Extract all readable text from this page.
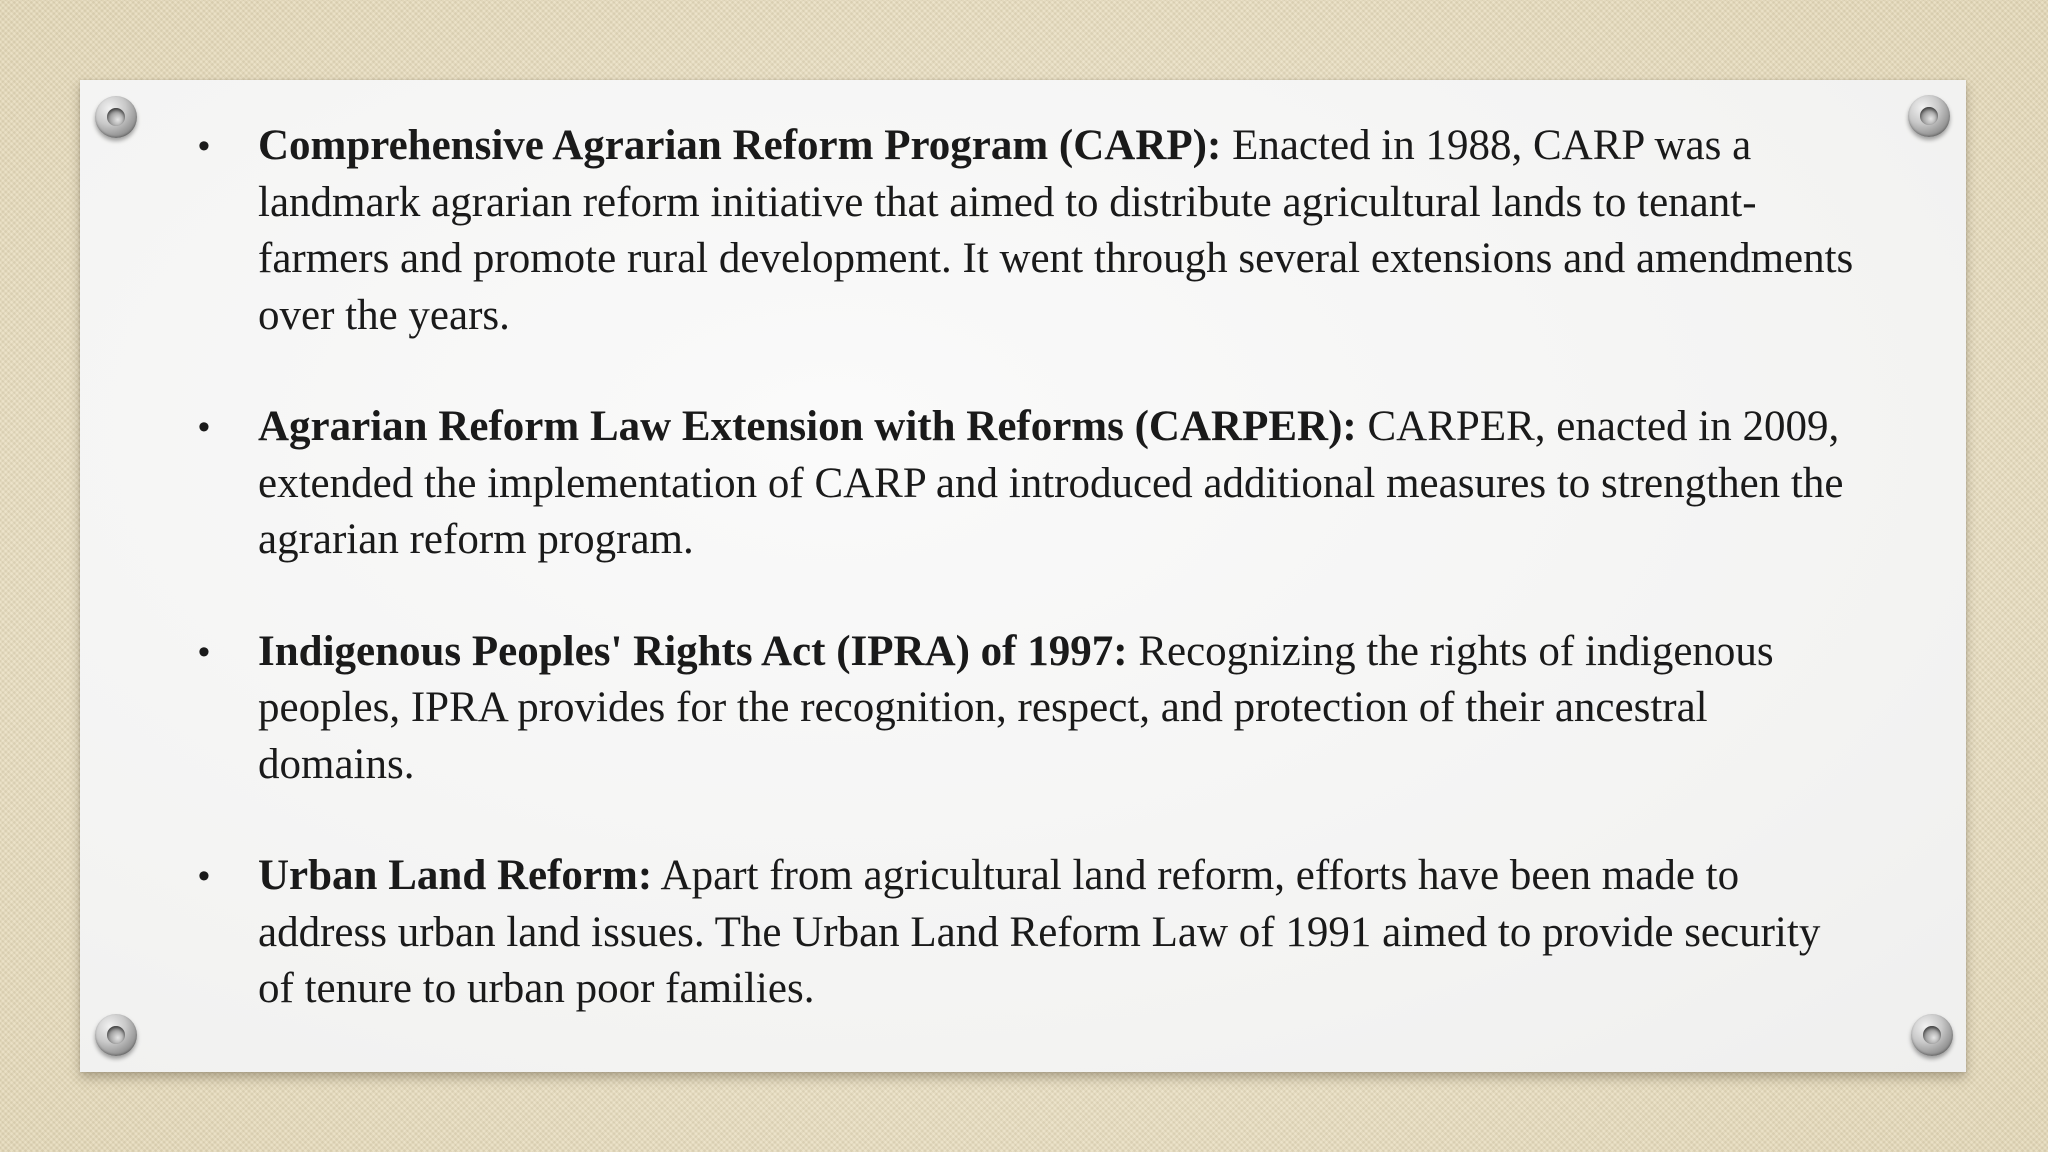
• Comprehensive Agrarian Reform Program (CARP): Enacted in 1988, CARP was a landmark agrarian reform initiative that aimed to distribute agricultural lands to tenant-farmers and promote rural development. It went through several extensions and amendments over the years.
• Agrarian Reform Law Extension with Reforms (CARPER): CARPER, enacted in 2009, extended the implementation of CARP and introduced additional measures to strengthen the agrarian reform program.
• Indigenous Peoples' Rights Act (IPRA) of 1997: Recognizing the rights of indigenous peoples, IPRA provides for the recognition, respect, and protection of their ancestral domains.
• Urban Land Reform: Apart from agricultural land reform, efforts have been made to address urban land issues. The Urban Land Reform Law of 1991 aimed to provide security of tenure to urban poor families.
